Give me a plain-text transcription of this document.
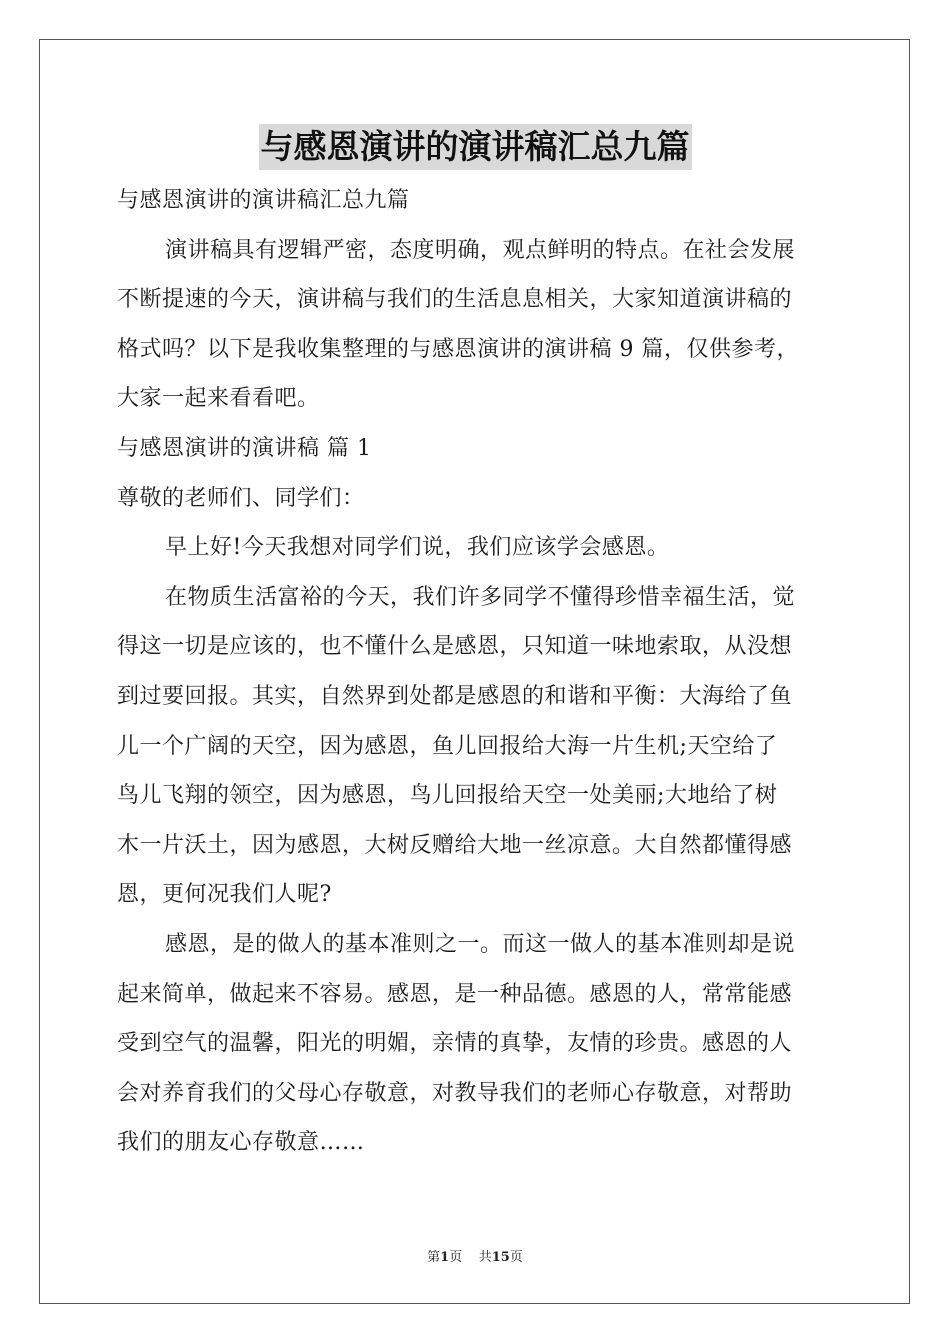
与感恩演讲的演讲稿汇总九篇
与感恩演讲的演讲稿汇总九篇
演讲稿具有逻辑严密，态度明确，观点鲜明的特点。在社会发展
不断提速的今天，演讲稿与我们的生活息息相关，大家知道演讲稿的
格式吗？以下是我收集整理的与感恩演讲的演讲稿 9 篇，仅供参考，
大家一起来看看吧。
与感恩演讲的演讲稿 篇 1
尊敬的老师们、同学们：
早上好!今天我想对同学们说，我们应该学会感恩。
在物质生活富裕的今天，我们许多同学不懂得珍惜幸福生活，觉
得这一切是应该的，也不懂什么是感恩，只知道一味地索取，从没想
到过要回报。其实，自然界到处都是感恩的和谐和平衡：大海给了鱼
儿一个广阔的天空，因为感恩，鱼儿回报给大海一片生机;天空给了
鸟儿飞翔的领空，因为感恩，鸟儿回报给天空一处美丽;大地给了树
木一片沃土，因为感恩，大树反赠给大地一丝凉意。大自然都懂得感
恩，更何况我们人呢?
感恩，是的做人的基本准则之一。而这一做人的基本准则却是说
起来简单，做起来不容易。感恩，是一种品德。感恩的人，常常能感
受到空气的温馨，阳光的明媚，亲情的真挚，友情的珍贵。感恩的人
会对养育我们的父母心存敬意，对教导我们的老师心存敬意，对帮助
我们的朋友心存敬意……
第1页    共15页
